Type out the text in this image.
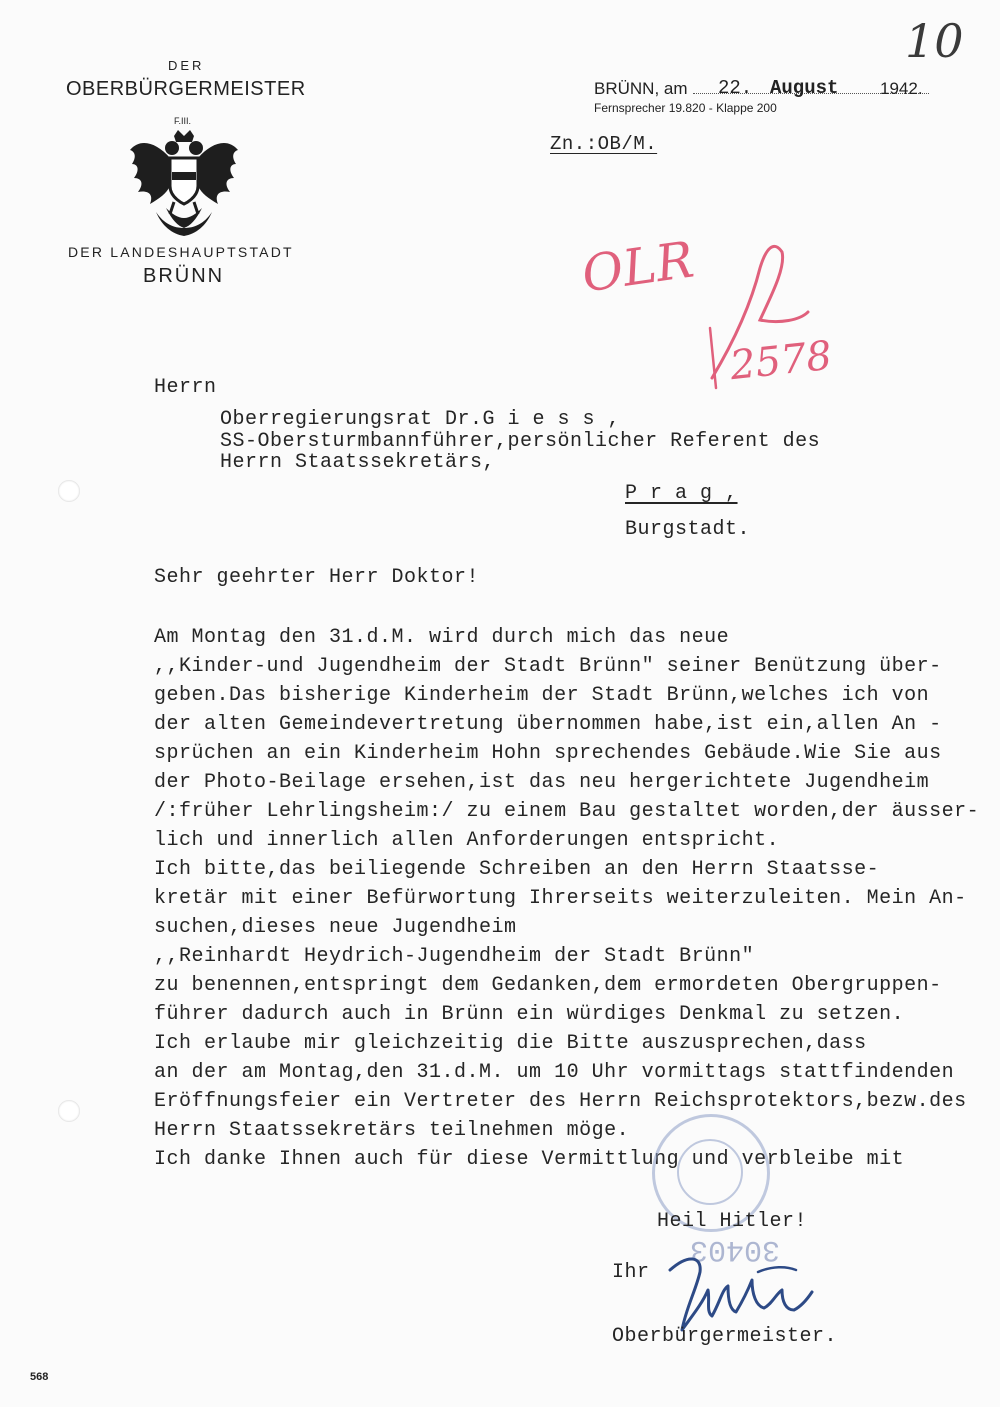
10
DER
OBERBÜRGERMEISTER
F.III.
DER LANDESHAUPTSTADT
BRÜNN
BRÜNN, am 22. August 1942.
Fernsprecher 19.820 - Klappe 200
Zn.:OB/M.
OLR
2578
Herrn
Oberregierungsrat Dr.G i e s s ,
SS-Obersturmbannführer,persönlicher Referent des
Herrn Staatssekretärs,
P r a g ,
Burgstadt.
Sehr geehrter Herr Doktor!

Am Montag den 31.d.M. wird durch mich das neue

,,Kinder-und Jugendheim der Stadt Brünn" seiner Benützung über-

geben.Das bisherige Kinderheim der Stadt Brünn,welches ich von

der alten Gemeindevertretung übernommen habe,ist ein,allen An -

sprüchen an ein Kinderheim Hohn sprechendes Gebäude.Wie Sie aus

der Photo-Beilage ersehen,ist das neu hergerichtete Jugendheim

/:früher Lehrlingsheim:/ zu einem Bau gestaltet worden,der äusser-

lich und innerlich allen Anforderungen entspricht.

Ich bitte,das beiliegende Schreiben an den Herrn Staatsse-

kretär mit einer Befürwortung Ihrerseits weiterzuleiten. Mein An-

suchen,dieses neue Jugendheim

,,Reinhardt Heydrich-Jugendheim der Stadt Brünn"

zu benennen,entspringt dem Gedanken,dem ermordeten Obergruppen-

führer dadurch auch in Brünn ein würdiges Denkmal zu setzen.

Ich erlaube mir gleichzeitig die Bitte auszusprechen,dass

an der am Montag,den 31.d.M. um 10 Uhr vormittags stattfindenden

Eröffnungsfeier ein Vertreter des Herrn Reichsprotektors,bezw.des

Herrn Staatssekretärs teilnehmen möge.

Ich danke Ihnen auch für diese Vermittlung und verbleibe mit

30403
Heil Hitler!
Ihr
Oberbürgermeister.
568
